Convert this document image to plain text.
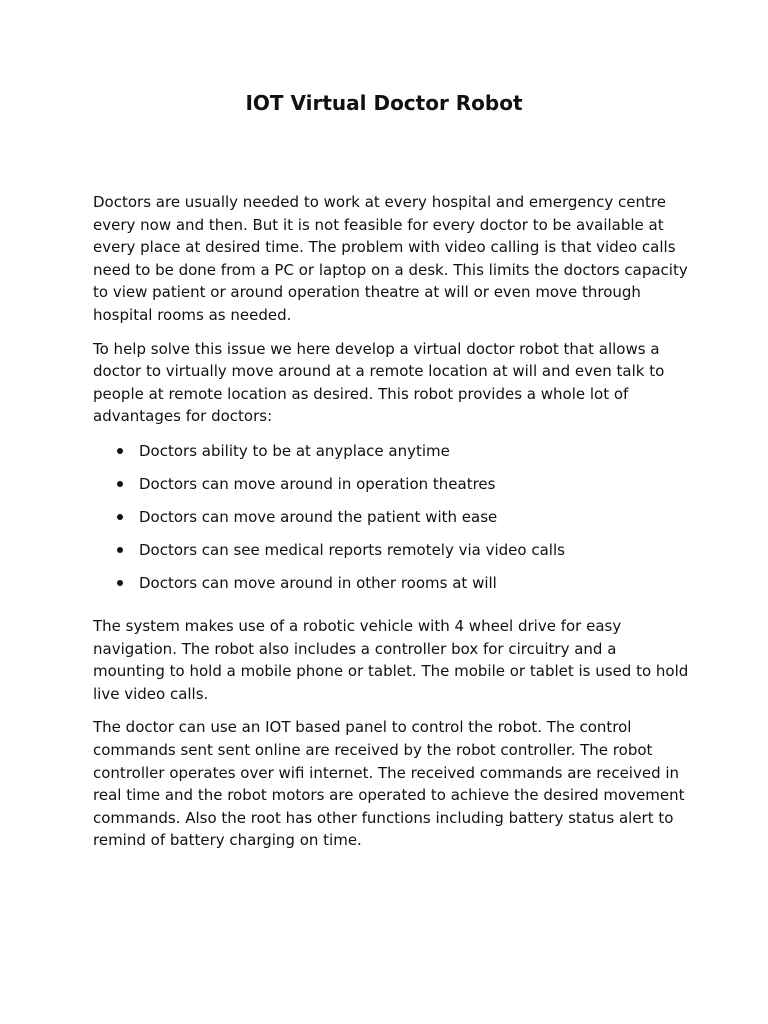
IOT Virtual Doctor Robot

Doctors are usually needed to work at every hospital and emergency centre every now and then. But it is not feasible for every doctor to be available at every place at desired time. The problem with video calling is that video calls need to be done from a PC or laptop on a desk. This limits the doctors capacity to view patient or around operation theatre at will or even move through hospital rooms as needed.

To help solve this issue we here develop a virtual doctor robot that allows a doctor to virtually move around at a remote location at will and even talk to people at remote location as desired. This robot provides a whole lot of advantages for doctors:

Doctors ability to be at anyplace anytime
Doctors can move around in operation theatres
Doctors can move around the patient with ease
Doctors can see medical reports remotely via video calls
Doctors can move around in other rooms at will

The system makes use of a robotic vehicle with 4 wheel drive for easy navigation. The robot also includes a controller box for circuitry and a mounting to hold a mobile phone or tablet. The mobile or tablet is used to hold live video calls.

The doctor can use an IOT based panel to control the robot. The control commands sent sent online are received by the robot controller. The robot controller operates over wifi internet. The received commands are received in real time and the robot motors are operated to achieve the desired movement commands. Also the root has other functions including battery status alert to remind of battery charging on time.
